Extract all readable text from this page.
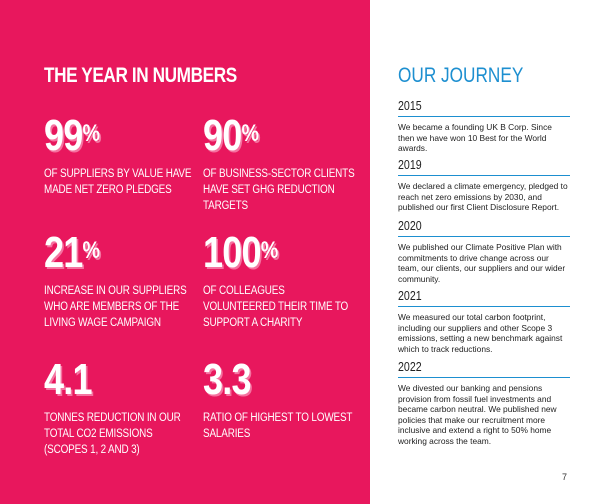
THE YEAR IN NUMBERS
99%
OF SUPPLIERS BY VALUE HAVE MADE NET ZERO PLEDGES
90%
OF BUSINESS-SECTOR CLIENTS HAVE SET GHG REDUCTION TARGETS
21%
INCREASE IN OUR SUPPLIERS WHO ARE MEMBERS OF THE LIVING WAGE CAMPAIGN
100%
OF COLLEAGUES VOLUNTEERED THEIR TIME TO SUPPORT A CHARITY
4.1
TONNES REDUCTION IN OUR TOTAL CO2 EMISSIONS (SCOPES 1, 2 AND 3)
3.3
RATIO OF HIGHEST TO LOWEST SALARIES
OUR JOURNEY
2015
We became a founding UK B Corp. Since then we have won 10 Best for the World awards.
2019
We declared a climate emergency, pledged to reach net zero emissions by 2030, and published our first Client Disclosure Report.
2020
We published our Climate Positive Plan with commitments to drive change across our team, our clients, our suppliers and our wider community.
2021
We measured our total carbon footprint, including our suppliers and other Scope 3 emissions, setting a new benchmark against which to track reductions.
2022
We divested our banking and pensions provision from fossil fuel investments and became carbon neutral. We published new policies that make our recruitment more inclusive and extend a right to 50% home working across the team.
7
